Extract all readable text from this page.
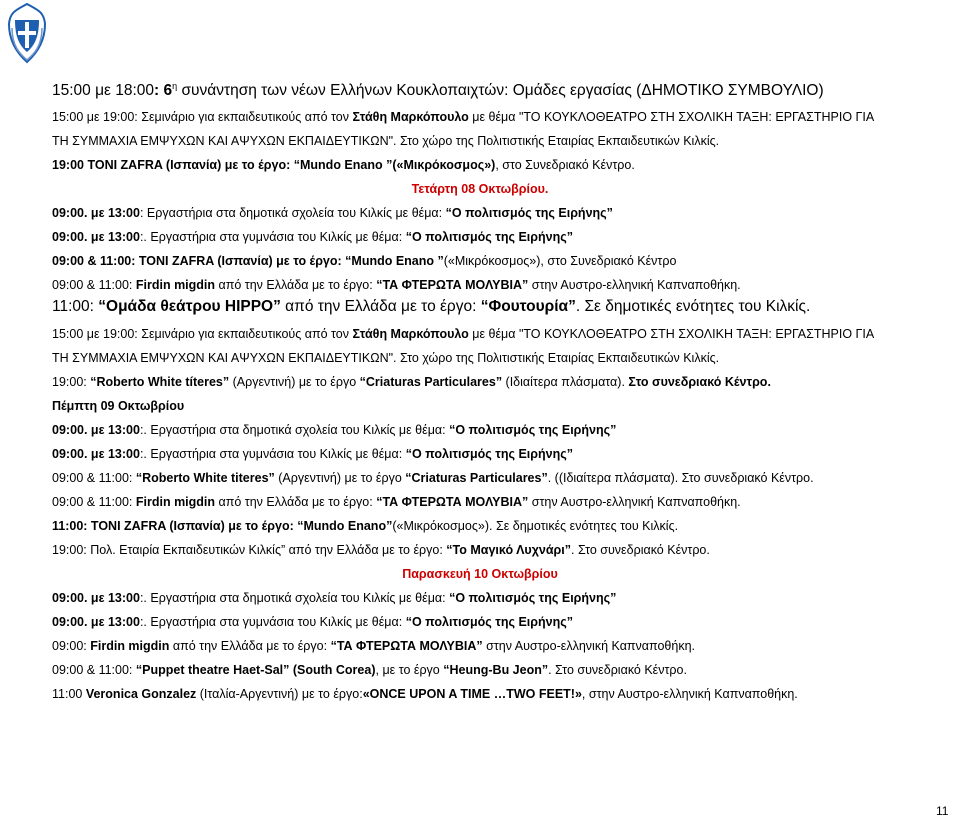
15:00 με 18:00: $6^\eta$ συνάντηση των νέων Ελλήνων Κουκλοπαιχτών: Ομάδες εργασίας (ΔΗΜΟΤΙΚΟ ΣΥΜΒΟΥΛΙΟ)
15:00 με 19:00: Σεμινάριο για εκπαιδευτικούς από τον Στάθη Μαρκόπουλο με θέμα "ΤΟ ΚΟΥΚΛΟΘΕΑΤΡΟ ΣΤΗ ΣΧΟΛΙΚΗ ΤΑΞΗ: ΕΡΓΑΣΤΗΡΙΟ ΓΙΑ
ΤΗ ΣΥΜΜΑΧΙΑ ΕΜΨΥΧΩΝ ΚΑΙ ΑΨΥΧΩΝ ΕΚΠΑΙΔΕΥΤΙΚΩΝ". Στο χώρο της Πολιτιστικής Εταιρίας Εκπαιδευτικών Κιλκίς.
19:00 TONI ZAFRA (Ισπανία) με το έργο: “Mundo Enano ”(«Μικρόκοσμος»), στο Συνεδριακό Κέντρο.
Τετάρτη 08 Οκτωβρίου.
09:00. με 13:00: Εργαστήρια στα δημοτικά σχολεία του Κιλκίς με θέμα: “Ο πολιτισμός της Ειρήνης”
09:00. με 13:00:. Εργαστήρια στα γυμνάσια του Κιλκίς με θέμα: “Ο πολιτισμός της Ειρήνης”
09:00 & 11:00: TONI ZAFRA (Ισπανία) με το έργο: “Mundo Enano ”(«Μικρόκοσμος»), στο Συνεδριακό Κέντρο
09:00 & 11:00: Firdin migdin από την Ελλάδα με το έργο: “ΤΑ ΦΤΕΡΩΤΑ ΜΟΛΥΒΙΑ” στην Αυστρο-ελληνική Καπναποθήκη.
11:00: “Ομάδα θεάτρου HIPPO” από την Ελλάδα με το έργο: “Φουτουρία”. Σε δημοτικές ενότητες του Κιλκίς.
15:00 με 19:00: Σεμινάριο για εκπαιδευτικούς από τον Στάθη Μαρκόπουλο με θέμα "ΤΟ ΚΟΥΚΛΟΘΕΑΤΡΟ ΣΤΗ ΣΧΟΛΙΚΗ ΤΑΞΗ: ΕΡΓΑΣΤΗΡΙΟ ΓΙΑ
ΤΗ ΣΥΜΜΑΧΙΑ ΕΜΨΥΧΩΝ ΚΑΙ ΑΨΥΧΩΝ ΕΚΠΑΙΔΕΥΤΙΚΩΝ". Στο χώρο της Πολιτιστικής Εταιρίας Εκπαιδευτικών Κιλκίς.
19:00: “Roberto White títeres” (Αργεντινή) με το έργο “Criaturas Particulares” (Ιδιαίτερα πλάσματα). Στο συνεδριακό Κέντρο.
Πέμπτη 09 Οκτωβρίου
09:00. με 13:00:. Εργαστήρια στα δημοτικά σχολεία του Κιλκίς με θέμα: “Ο πολιτισμός της Ειρήνης”
09:00. με 13:00:. Εργαστήρια στα γυμνάσια του Κιλκίς με θέμα: “Ο πολιτισμός της Ειρήνης”
09:00 & 11:00: “Roberto White titeres” (Αργεντινή) με το έργο “Criaturas Particulares”. ((Ιδιαίτερα πλάσματα). Στο συνεδριακό Κέντρο.
09:00 & 11:00: Firdin migdin από την Ελλάδα με το έργο: “ΤΑ ΦΤΕΡΩΤΑ ΜΟΛΥΒΙΑ” στην Αυστρο-ελληνική Καπναποθήκη.
11:00: TONI ZAFRA (Ισπανία) με το έργο: “Mundo Enano”(«Μικρόκοσμος»). Σε δημοτικές ενότητες του Κιλκίς.
19:00: Πολ. Εταιρία Εκπαιδευτικών Κιλκίς” από την Ελλάδα με το έργο: “Το Μαγικό Λυχνάρι”. Στο συνεδριακό Κέντρο.
Παρασκευή 10 Οκτωβρίου
09:00. με 13:00:. Εργαστήρια στα δημοτικά σχολεία του Κιλκίς με θέμα: “Ο πολιτισμός της Ειρήνης”
09:00. με 13:00:. Εργαστήρια στα γυμνάσια του Κιλκίς με θέμα: “Ο πολιτισμός της Ειρήνης”
09:00: Firdin migdin από την Ελλάδα με το έργο: “ΤΑ ΦΤΕΡΩΤΑ ΜΟΛΥΒΙΑ” στην Αυστρο-ελληνική Καπναποθήκη.
09:00 & 11:00: “Puppet theatre Haet-Sal” (South Corea), με το έργο “Heung-Bu Jeon”. Στο συνεδριακό Κέντρο.
11:00 Veronica Gonzalez (Ιταλία-Αργεντινή) με το έργο:«ONCE UPON A TIME …TWO FEET!», στην Αυστρο-ελληνική Καπναποθήκη.
11
